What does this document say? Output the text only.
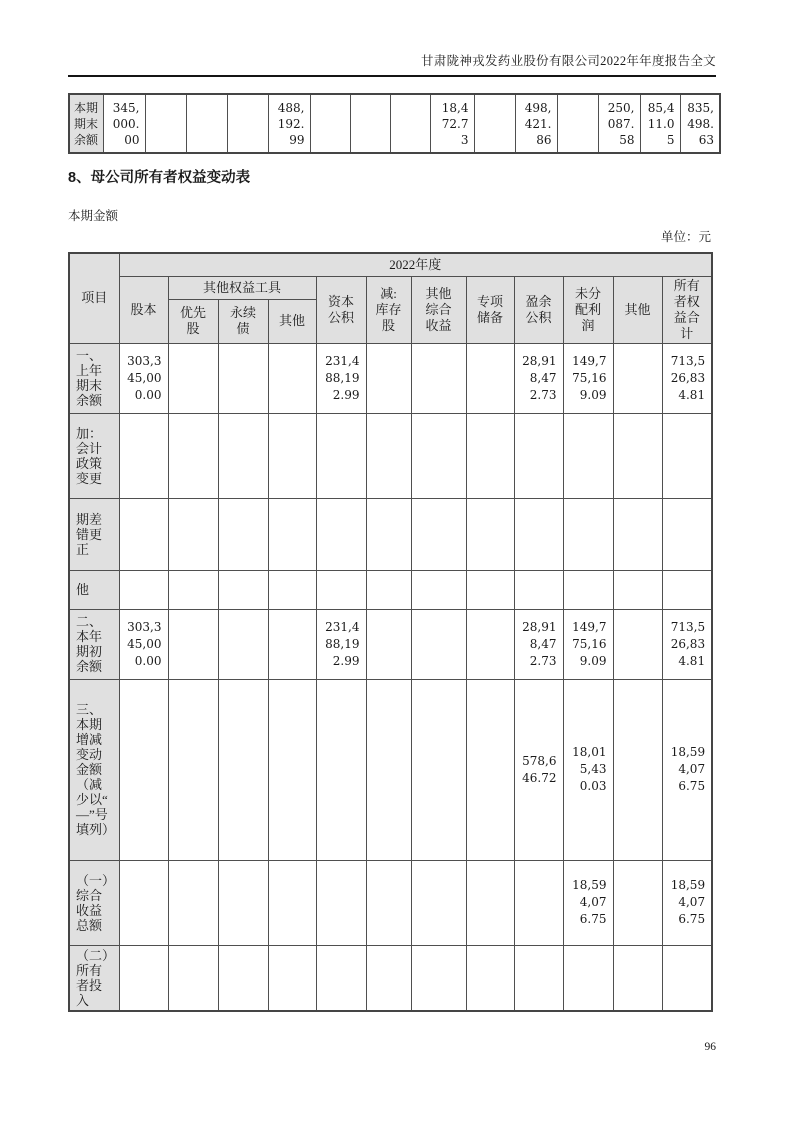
甘肃陇神戎发药业股份有限公司2022年年度报告全文
本期期末余额	345,000.00				488,192.99				18,472.73		498,421.86		250,087.58	85,411.05	835,498.63
8、母公司所有者权益变动表
本期金额
单位：元
项目	2022年度											
	股本	其他权益工具			资本公积	减:库存股	其他综合收益	专项储备	盈余公积	未分配利润	其他	所有者权益合计
		优先股	永续债	其他								
一、上年期末余额	303,345,000.00				231,488,192.99				28,918,472.73	149,775,169.09		713,526,834.81
加：会计政策变更												
期差错更正												
他												
二、本年期初余额	303,345,000.00				231,488,192.99				28,918,472.73	149,775,169.09		713,526,834.81
三、本期增减变动金额（减少以“—”号填列）									578,646.72	18,015,430.03		18,594,076.75
（一）综合收益总额										18,594,076.75		18,594,076.75
（二）所有者投入												
96
